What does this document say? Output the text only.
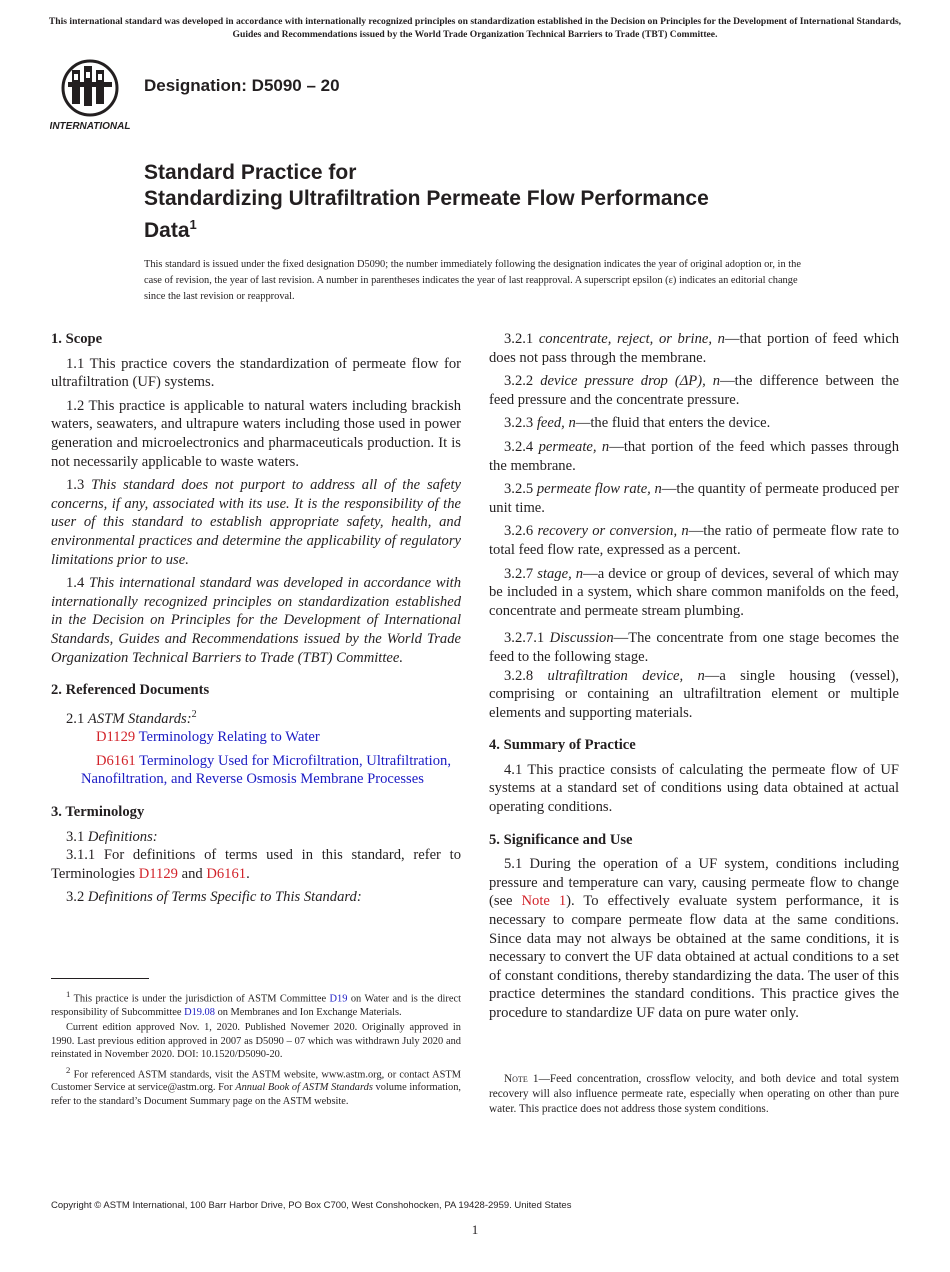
This international standard was developed in accordance with internationally recognized principles on standardization established in the Decision on Principles for the Development of International Standards, Guides and Recommendations issued by the World Trade Organization Technical Barriers to Trade (TBT) Committee.
INTERNATIONAL
Designation: D5090 – 20
Standard Practice for
Standardizing Ultrafiltration Permeate Flow Performance
Data$^1$
This standard is issued under the fixed designation D5090; the number immediately following the designation indicates the year of original adoption or, in the case of revision, the year of last revision. A number in parentheses indicates the year of last reapproval. A superscript epsilon (ε) indicates an editorial change since the last revision or reapproval.
1. Scope

1.1 This practice covers the standardization of permeate flow for ultrafiltration (UF) systems.

1.2 This practice is applicable to natural waters including brackish waters, seawaters, and ultrapure waters including those used in power generation and microelectronics and pharmaceuticals production. It is not necessarily applicable to waste waters.

1.3 This standard does not purport to address all of the safety concerns, if any, associated with its use. It is the responsibility of the user of this standard to establish appropriate safety, health, and environmental practices and determine the applicability of regulatory limitations prior to use.

1.4 This international standard was developed in accordance with internationally recognized principles on standardization established in the Decision on Principles for the Development of International Standards, Guides and Recommendations issued by the World Trade Organization Technical Barriers to Trade (TBT) Committee.

2. Referenced Documents

2.1 ASTM Standards:$^2$

D1129 Terminology Relating to Water

D6161 Terminology Used for Microfiltration, Ultrafiltration, Nanofiltration, and Reverse Osmosis Membrane Processes

3. Terminology

3.1 Definitions:

3.1.1 For definitions of terms used in this standard, refer to Terminologies D1129 and D6161.

3.2 Definitions of Terms Specific to This Standard:

3.2.1 concentrate, reject, or brine, n—that portion of feed which does not pass through the membrane.

3.2.2 device pressure drop (ΔP), n—the difference between the feed pressure and the concentrate pressure.

3.2.3 feed, n—the fluid that enters the device.

3.2.4 permeate, n—that portion of the feed which passes through the membrane.

3.2.5 permeate flow rate, n—the quantity of permeate produced per unit time.

3.2.6 recovery or conversion, n—the ratio of permeate flow rate to total feed flow rate, expressed as a percent.

3.2.7 stage, n—a device or group of devices, several of which may be included in a system, which share common manifolds on the feed, concentrate and permeate stream plumbing.

3.2.7.1 Discussion—The concentrate from one stage becomes the feed to the following stage.

3.2.8 ultrafiltration device, n—a single housing (vessel), comprising or containing an ultrafiltration element or multiple elements and supporting materials.

4. Summary of Practice

4.1 This practice consists of calculating the permeate flow of UF systems at a standard set of conditions using data obtained at actual operating conditions.

5. Significance and Use

5.1 During the operation of a UF system, conditions including pressure and temperature can vary, causing permeate flow to change (see Note 1). To effectively evaluate system performance, it is necessary to compare permeate flow data at the same conditions. Since data may not always be obtained at the same conditions, it is necessary to convert the UF data obtained at actual conditions to a set of constant conditions, thereby standardizing the data. The user of this practice determines the standard conditions. This practice gives the procedure to standardize UF data on pure water only.

Note 1—Feed concentration, crossflow velocity, and both device and total system recovery will also influence permeate rate, especially when operating on other than pure water. This practice does not address those system conditions.

$^1$ This practice is under the jurisdiction of ASTM Committee D19 on Water and is the direct responsibility of Subcommittee D19.08 on Membranes and Ion Exchange Materials.

Current edition approved Nov. 1, 2020. Published Novemer 2020. Originally approved in 1990. Last previous edition approved in 2007 as D5090 – 07 which was withdrawn July 2020 and reinstated in November 2020. DOI: 10.1520/D5090-20.

$^2$ For referenced ASTM standards, visit the ASTM website, www.astm.org, or contact ASTM Customer Service at service@astm.org. For Annual Book of ASTM Standards volume information, refer to the standard’s Document Summary page on the ASTM website.

Copyright © ASTM International, 100 Barr Harbor Drive, PO Box C700, West Conshohocken, PA 19428-2959. United States
1
